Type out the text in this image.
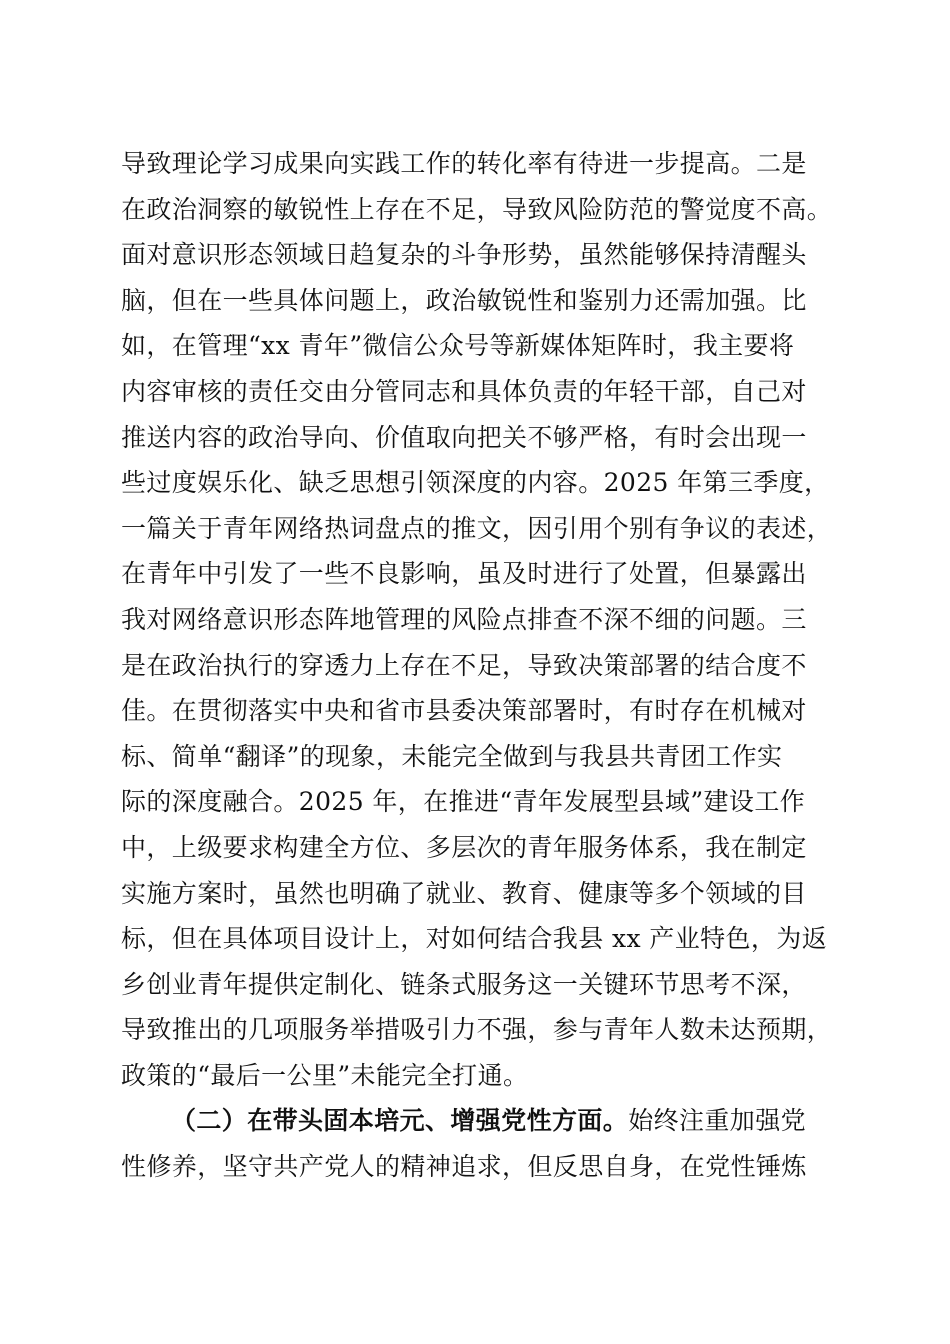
导致理论学习成果向实践工作的转化率有待进一步提高。二是
在政治洞察的敏锐性上存在不足，导致风险防范的警觉度不高。
面对意识形态领域日趋复杂的斗争形势，虽然能够保持清醒头
脑，但在一些具体问题上，政治敏锐性和鉴别力还需加强。比
如，在管理“xx 青年”微信公众号等新媒体矩阵时，我主要将
内容审核的责任交由分管同志和具体负责的年轻干部，自己对
推送内容的政治导向、价值取向把关不够严格，有时会出现一
些过度娱乐化、缺乏思想引领深度的内容。2025 年第三季度，
一篇关于青年网络热词盘点的推文，因引用个别有争议的表述，
在青年中引发了一些不良影响，虽及时进行了处置，但暴露出
我对网络意识形态阵地管理的风险点排查不深不细的问题。三
是在政治执行的穿透力上存在不足，导致决策部署的结合度不
佳。在贯彻落实中央和省市县委决策部署时，有时存在机械对
标、简单“翻译”的现象，未能完全做到与我县共青团工作实
际的深度融合。2025 年，在推进“青年发展型县域”建设工作
中，上级要求构建全方位、多层次的青年服务体系，我在制定
实施方案时，虽然也明确了就业、教育、健康等多个领域的目
标，但在具体项目设计上，对如何结合我县 xx 产业特色，为返
乡创业青年提供定制化、链条式服务这一关键环节思考不深，
导致推出的几项服务举措吸引力不强，参与青年人数未达预期，
政策的“最后一公里”未能完全打通。
（二）在带头固本培元、增强党性方面。始终注重加强党
性修养，坚守共产党人的精神追求，但反思自身，在党性锤炼
